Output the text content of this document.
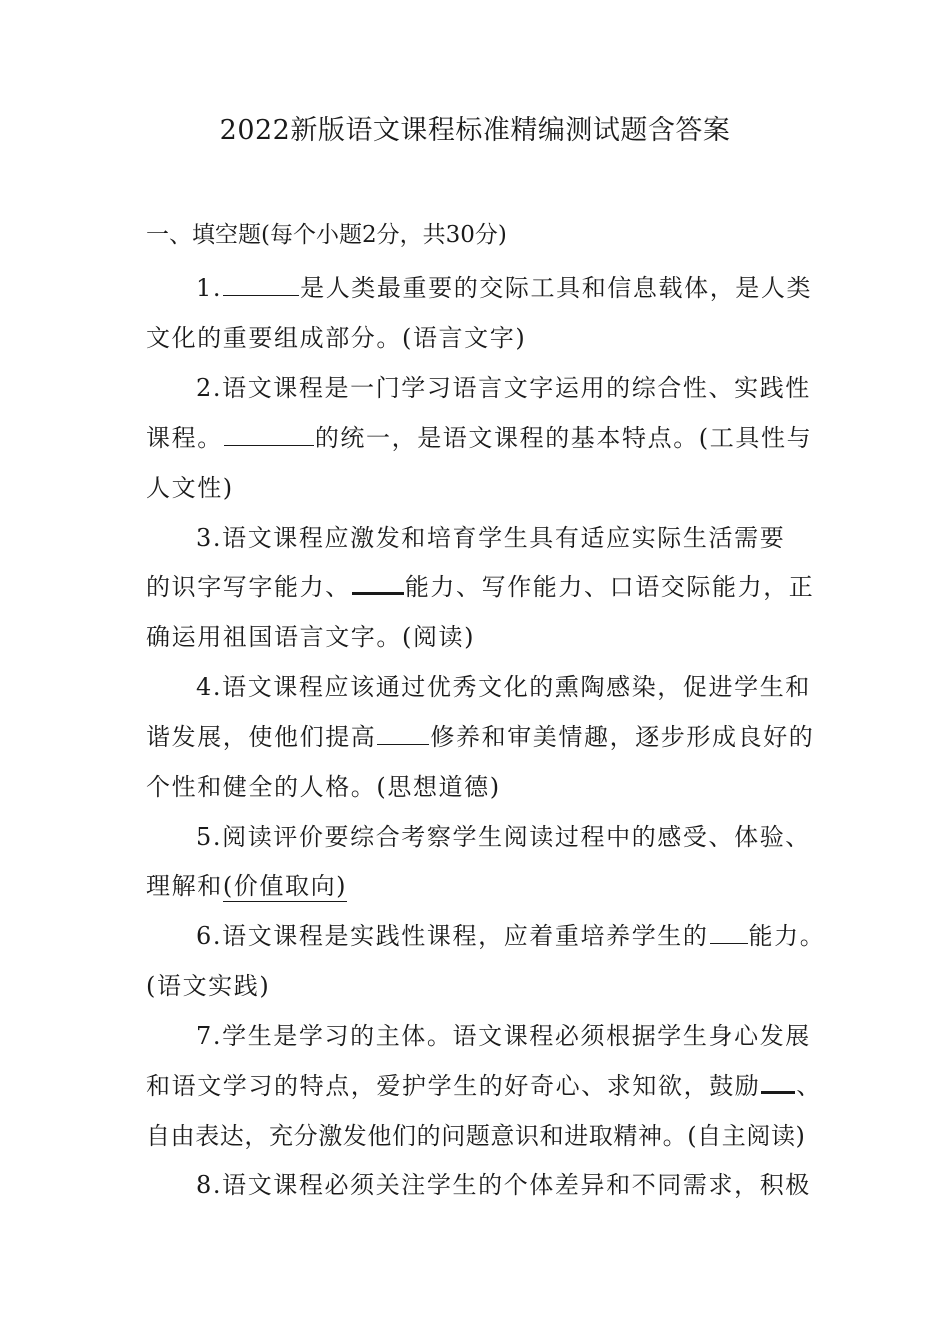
2022新版语文课程标准精编测试题含答案
一、填空题(每个小题2分，共30分)
1.	是人类最重要的交际工具和信息载体，是人类
文化的重要组成部分。(语言文字)
2.语文课程是一门学习语言文字运用的综合性、实践性
课程。	的统一，是语文课程的基本特点。(工具性与
人文性)
3.语文课程应激发和培育学生具有适应实际生活需要
的识字写字能力、 能力、写作能力、口语交际能力，正
确运用祖国语言文字。(阅读)
4.语文课程应该通过优秀文化的熏陶感染，促进学生和
谐发展，使他们提高 修养和审美情趣，逐步形成良好的
个性和健全的人格。(思想道德)
5.阅读评价要综合考察学生阅读过程中的感受、体验、
理解和(价值取向)
6.语文课程是实践性课程，应着重培养学生的 能力。
(语文实践)
7.学生是学习的主体。语文课程必须根据学生身心发展
和语文学习的特点，爱护学生的好奇心、求知欲，鼓励 、
自由表达，充分激发他们的问题意识和进取精神。(自主阅读)
8.语文课程必须关注学生的个体差异和不同需求，积极
